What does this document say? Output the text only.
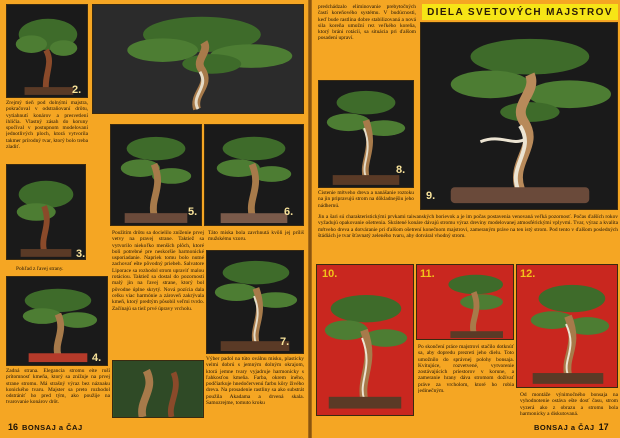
2.
Zrejmý tieň pod dolnými majstra, pokračoval v odstraňovaní drôtu, vytiahnutí konárov a presvetlení ihličia. Vlastný zásah do koruny spočíval v postupnom modelovaní jednotlivých ploch, ktorá vytvorila takmer prírodný tvar, ktorý bolo treba zladiť.
3.
Pohľad z ľavej strany.
4.
5.	6.
Použitím drôtu sa docielilo zníženie prvej vetvy na pravej strane. Taktiež sa vytvorilo niekoľko menších plôch, ktoré boli potrebné pre neskoršie harmonické usporiadanie. Napriek tomu bolo nutné zachovať ešte pôvodný priebeh. Salvatore Liporace sa rozhodol strom upraviť malou rotáciou. Taktiež sa dostal do pozornosti malý jin na ľavej strane, ktorý bol pôvodne úplne skrytý. Nová pozícia dala celku viac harmónie a zároveň zakrývala kmeň, ktorý predtým pôsobil veľmi tvrdo. Začínajú sa tiež prvé úpravy vrcholu.
Táto miska bola zavrhnutá kvôli jej príliš mužskému vzoru.
7.
Zadná strana. Elegancia stromu eite ruší prítomnosť kmeňa, ktorý sa znížuje na prvej strane stromu. Má strašný výraz bez náznaku konického tvaru. Majster sa preto rozhodol odstrániť ho pred tým, ako použije na tvarovanie konárov drôt.
Výber padol na túto oválnu misku, plasticky velmi dobrú s jemným dolným okrajom, ktorá jemne tvary vyjadruje harmonicky s ľahkosťou kmeňa. Farba, okrem iného, podčiarkuje hnedočervenú farbu kôry živého dreva. Na prosadenie rastliny sa ako substrát použila Akadama a drvená skala. Samozrejme, tomuto kroku
16 BONSAJ a ČAJ
predchádzalo eliminovanie prebytočných častí koreňového systému. V budúcnosti, keď bude rastlina dobre stabilizovaná a nová sila koreňa umožní rez veľkého koreňa, ktorý bráni rotácii, sa situácia pri ďalšom posadení upraví.
DIELA SVETOVÝCH MAJSTROV
8.
9.
Čistenie mŕtveho dreva a nanášanie roztoku na jin pripravujú strom na dôkladnejšiu jeho nádhernú.
Jin a šari sú charakteristickými prvkami taiwanských borievok a je im počas postavenia venovaná veľká pozornosť. Počas ďalších rokov vyžadujú opakovanie ošetrenia. Skrátené konáre dávajú stromu výraz dreviny modelovanej atmosférickými vplyvmi. Tvar, výraz a kvalita mŕtveho dreva a dotváranie pri ďalšom ošetrení konečnom majstrovi, zameraným práve na ten istý strom. Pod tento v ďalšom posledných štádiách je tvar šťavnatý zeleného tvaru, aby dotváral vhodný strom.
10.	11.	12.
Po skončení práce majstrovi stačilo dotknúť sa, aby dopredu prezreti jeho dielu. Toto umožnilo do správnej polohy bonsaja. Kvitujúce, rozvetvené, vytvorenie zostávajúcich priestorov v korune, a zameranie hrany dáva stromom dožívať práve za vrcholom, ktoré ho robia jedinečným.
Od montáže výnimočného bonsaja na vyhodnotenie ostáva ešte dosť času, strom vyzerá ako z obrazu a stromu bola harmonicky a diskutovaná.
BONSAJ a ČAJ 17
